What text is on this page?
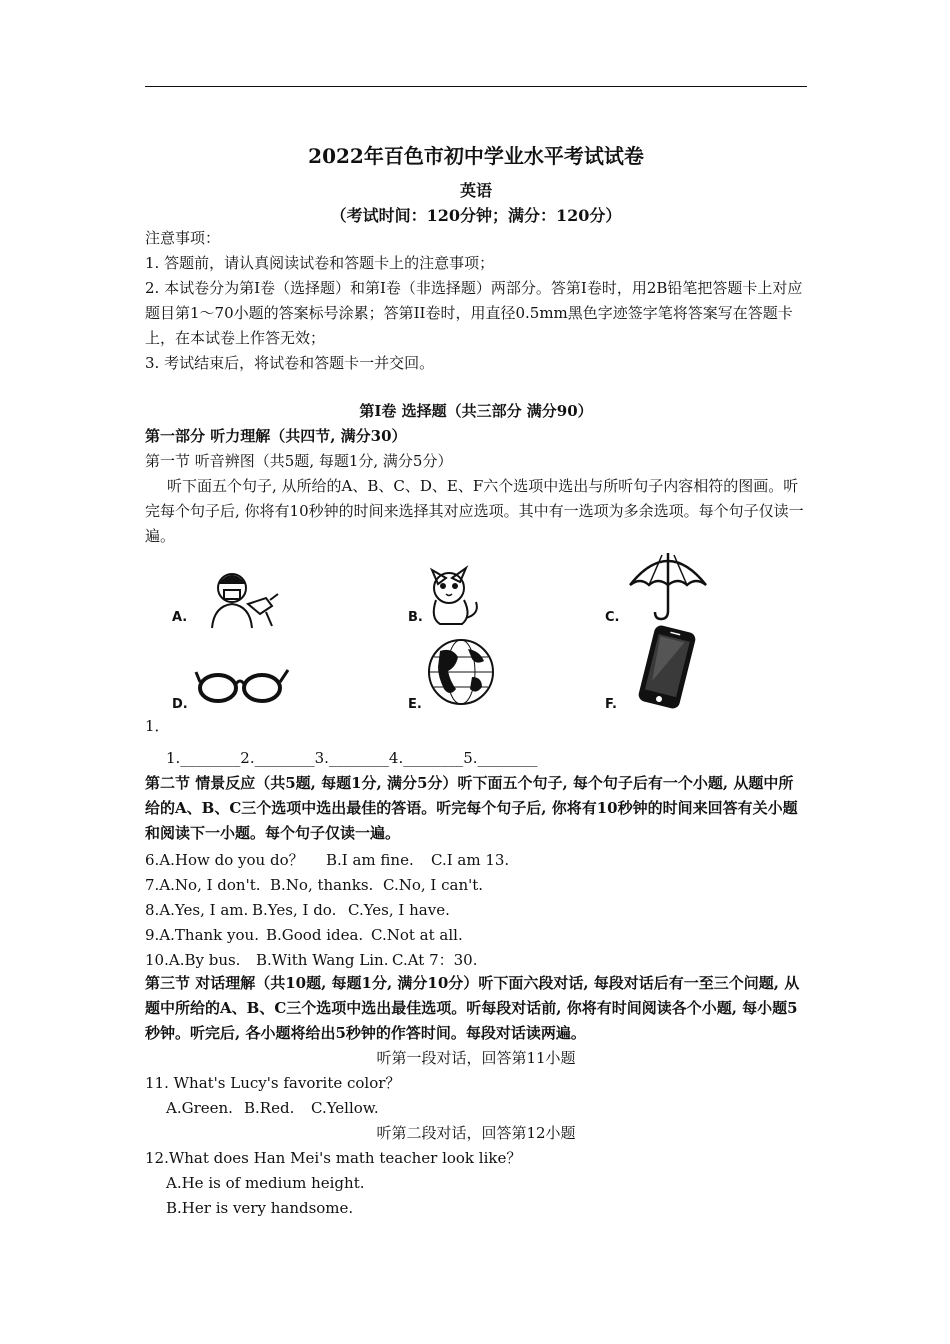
2022年百色市初中学业水平考试试卷
英语
（考试时间：120分钟；满分：120分）
注意事项：
1. 答题前，请认真阅读试卷和答题卡上的注意事项；
2. 本试卷分为第I卷（选择题）和第I卷（非选择题）两部分。答第I卷时，用2B铅笔把答题卡上对应题目第1～70小题的答案标号涂累；答第II卷时，用直径0.5mm黑色字迹签字笔将答案写在答题卡上，在本试卷上作答无效；
3. 考试结束后，将试卷和答题卡一并交回。
第I卷 选择题（共三部分 满分90）
第一部分 听力理解（共四节, 满分30）
第一节 听音辨图（共5题, 每题1分, 满分5分）
听下面五个句子, 从所给的A、B、C、D、E、F六个选项中选出与所听句子内容相符的图画。听完每个句子后, 你将有10秒钟的时间来选择其对应选项。其中有一选项为多余选项。每个句子仅读一遍。
A.	B.	C.
D.	E.	F.
1．
1.________2.________3.________4.________5.________
第二节 情景反应（共5题, 每题1分, 满分5分）听下面五个句子, 每个句子后有一个小题, 从题中所给的A、B、C三个选项中选出最佳的答语。听完每个句子后, 你将有10秒钟的时间来回答有关小题和阅读下一小题。每个句子仅读一遍。
6.A.How do you do？ B.I am fine. C.I am 13.
7.A.No, I don't. B.No, thanks. C.No, I can't.
8.A.Yes, I am. B.Yes, I do. C.Yes, I have.
9.A.Thank you. B.Good idea. C.Not at all.
10.A.By bus. B.With Wang Lin. C.At 7：30.
第三节 对话理解（共10题, 每题1分, 满分10分）听下面六段对话, 每段对话后有一至三个问题, 从题中所给的A、B、C三个选项中选出最佳选项。听每段对话前, 你将有时间阅读各个小题, 每小题5秒钟。听完后, 各小题将给出5秒钟的作答时间。每段对话读两遍。
听第一段对话，回答第11小题
11. What's Lucy's favorite color？
A.Green. B.Red. C.Yellow.
听第二段对话，回答第12小题
12.What does Han Mei's math teacher look like？
A.He is of medium height.
B.Her is very handsome.
